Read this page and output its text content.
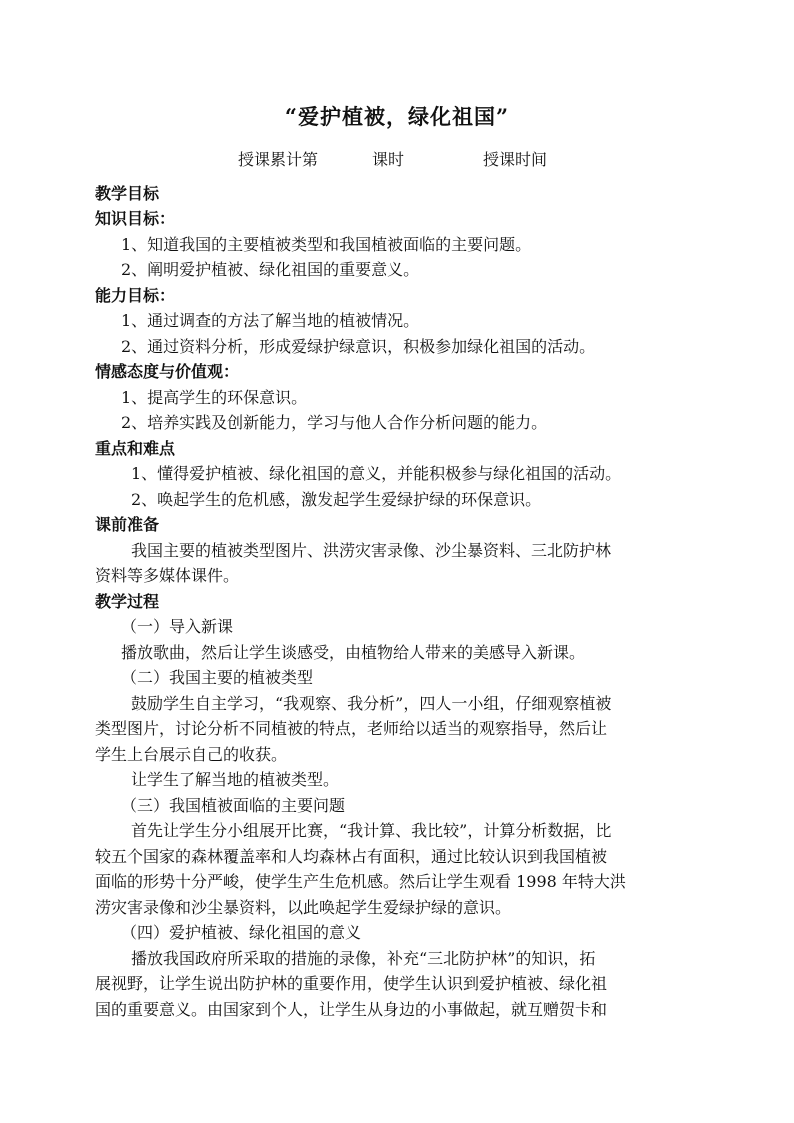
“爱护植被，绿化祖国”
授课累计第	课时	授课时间
教学目标
知识目标：
1、知道我国的主要植被类型和我国植被面临的主要问题。
2、阐明爱护植被、绿化祖国的重要意义。
能力目标：
1、通过调查的方法了解当地的植被情况。
2、通过资料分析，形成爱绿护绿意识，积极参加绿化祖国的活动。
情感态度与价值观：
1、提高学生的环保意识。
2、培养实践及创新能力，学习与他人合作分析问题的能力。
重点和难点
1、懂得爱护植被、绿化祖国的意义，并能积极参与绿化祖国的活动。
2、唤起学生的危机感，激发起学生爱绿护绿的环保意识。
课前准备
我国主要的植被类型图片、洪涝灾害录像、沙尘暴资料、三北防护林
资料等多媒体课件。
教学过程
（一）导入新课
播放歌曲，然后让学生谈感受，由植物给人带来的美感导入新课。
（二）我国主要的植被类型
鼓励学生自主学习，“我观察、我分析”，四人一小组，仔细观察植被
类型图片，讨论分析不同植被的特点，老师给以适当的观察指导，然后让
学生上台展示自己的收获。
让学生了解当地的植被类型。
（三）我国植被面临的主要问题
首先让学生分小组展开比赛，“我计算、我比较”，计算分析数据，比
较五个国家的森林覆盖率和人均森林占有面积，通过比较认识到我国植被
面临的形势十分严峻，使学生产生危机感。然后让学生观看 1998 年特大洪
涝灾害录像和沙尘暴资料，以此唤起学生爱绿护绿的意识。
（四）爱护植被、绿化祖国的意义
播放我国政府所采取的措施的录像，补充“三北防护林”的知识，拓
展视野，让学生说出防护林的重要作用，使学生认识到爱护植被、绿化祖
国的重要意义。由国家到个人，让学生从身边的小事做起，就互赠贺卡和
